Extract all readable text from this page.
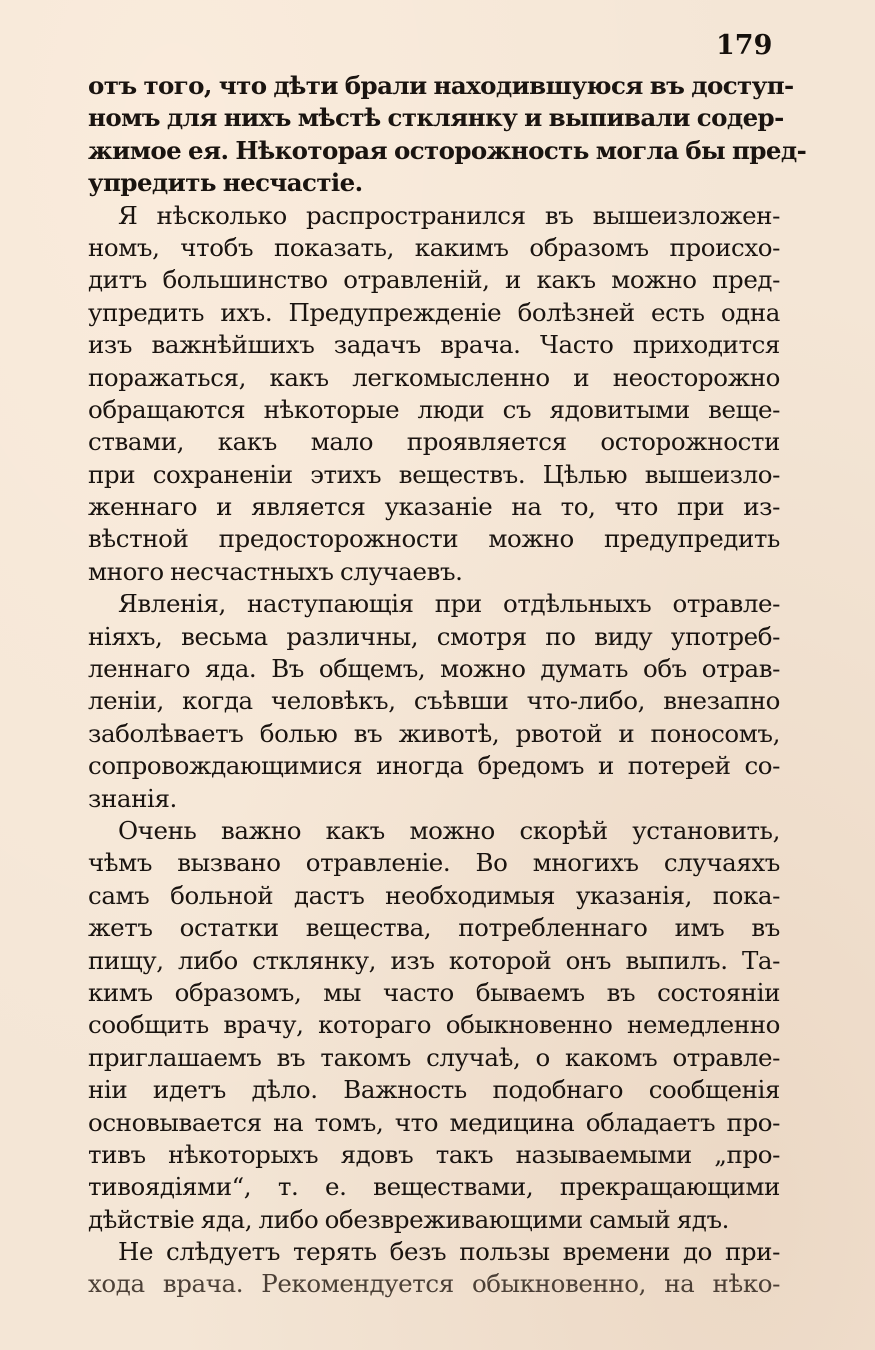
179
отъ того, что дѣти брали находившуюся въ доступ-
номъ для нихъ мѣстѣ стклянку и выпивали содер-
жимое ея. Нѣкоторая осторожность могла бы пред-
упредить несчастіе.
Я нѣсколько распространился въ вышеизложен-
номъ, чтобъ показать, какимъ образомъ происхо-
дитъ большинство отравленій, и какъ можно пред-
упредить ихъ. Предупрежденіе болѣзней есть одна
изъ важнѣйшихъ задачъ врача. Часто приходится
поражаться, какъ легкомысленно и неосторожно
обращаются нѣкоторые люди съ ядовитыми веще-
ствами, какъ мало проявляется осторожности
при сохраненіи этихъ веществъ. Цѣлью вышеизло-
женнаго и является указаніе на то, что при из-
вѣстной предосторожности можно предупредить
много несчастныхъ случаевъ.
Явленія, наступающія при отдѣльныхъ отравле-
ніяхъ, весьма различны, смотря по виду употреб-
леннаго яда. Въ общемъ, можно думать объ отрав-
леніи, когда человѣкъ, съѣвши что-либо, внезапно
заболѣваетъ болью въ животѣ, рвотой и поносомъ,
сопровождающимися иногда бредомъ и потерей со-
знанія.
Очень важно какъ можно скорѣй установить,
чѣмъ вызвано отравленіе. Во многихъ случаяхъ
самъ больной дастъ необходимыя указанія, пока-
жетъ остатки вещества, потребленнаго имъ въ
пищу, либо стклянку, изъ которой онъ выпилъ. Та-
кимъ образомъ, мы часто бываемъ въ состояніи
сообщить врачу, котораго обыкновенно немедленно
приглашаемъ въ такомъ случаѣ, о какомъ отравле-
ніи идетъ дѣло. Важность подобнаго сообщенія
основывается на томъ, что медицина обладаетъ про-
тивъ нѣкоторыхъ ядовъ такъ называемыми „про-
тивоядіями“, т. е. веществами, прекращающими
дѣйствіе яда, либо обезвреживающими самый ядъ.
Не слѣдуетъ терять безъ пользы времени до при-
хода врача. Рекомендуется обыкновенно, на нѣко-
